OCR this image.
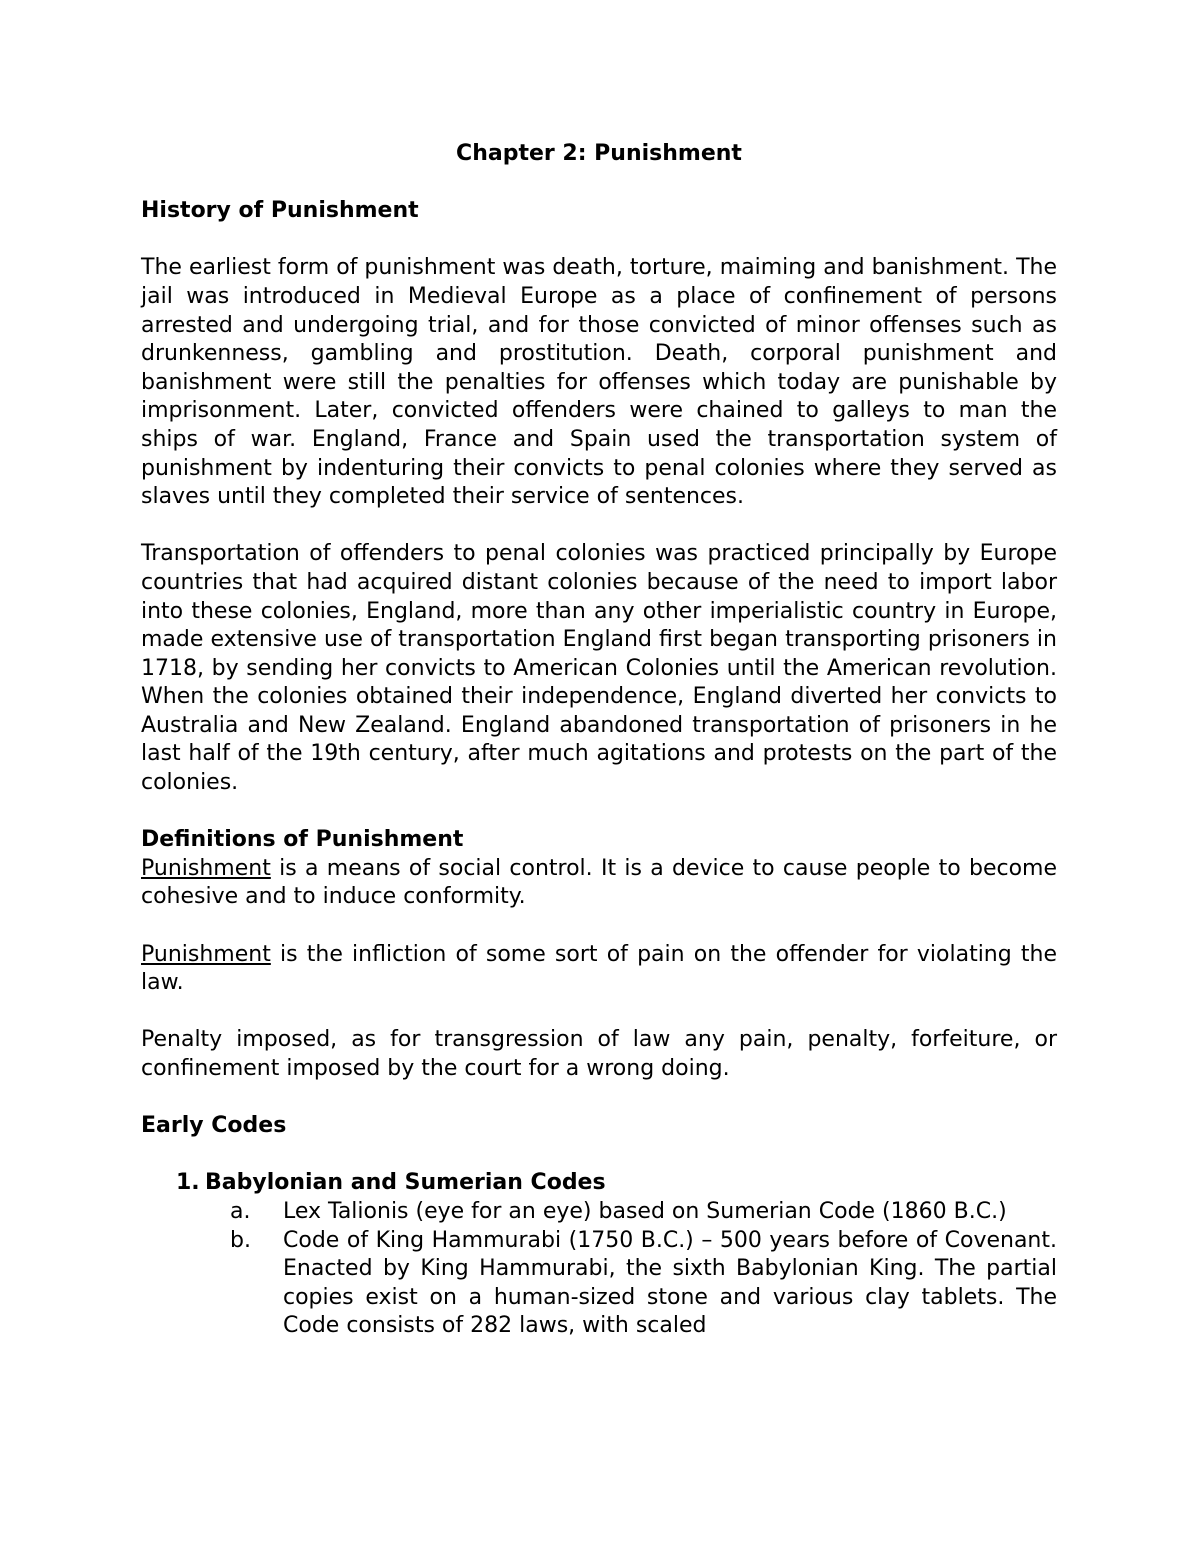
Chapter 2: Punishment

History of Punishment

The earliest form of punishment was death, torture, maiming and banishment. The jail was introduced in Medieval Europe as a place of confinement of persons arrested and undergoing trial, and for those convicted of minor offenses such as drunkenness, gambling and prostitution. Death, corporal punishment and banishment were still the penalties for offenses which today are punishable by imprisonment. Later, convicted offenders were chained to galleys to man the ships of war. England, France and Spain used the transportation system of punishment by indenturing their convicts to penal colonies where they served as slaves until they completed their service of sentences.

Transportation of offenders to penal colonies was practiced principally by Europe countries that had acquired distant colonies because of the need to import labor into these colonies, England, more than any other imperialistic country in Europe, made extensive use of transportation England first began transporting prisoners in 1718, by sending her convicts to American Colonies until the American revolution. When the colonies obtained their independence, England diverted her convicts to Australia and New Zealand. England abandoned transportation of prisoners in he last half of the 19th century, after much agitations and protests on the part of the colonies.

Definitions of Punishment

Punishment is a means of social control. It is a device to cause people to become cohesive and to induce conformity.

Punishment is the infliction of some sort of pain on the offender for violating the law.

Penalty imposed, as for transgression of law any pain, penalty, forfeiture, or confinement imposed by the court for a wrong doing.

Early Codes

1. Babylonian and Sumerian Codes
a.	Lex Talionis (eye for an eye) based on Sumerian Code (1860 B.C.)
b.	Code of King Hammurabi (1750 B.C.) – 500 years before of Covenant. Enacted by King Hammurabi, the sixth Babylonian King. The partial copies exist on a human-sized stone and various clay tablets. The Code consists of 282 laws, with scaled
